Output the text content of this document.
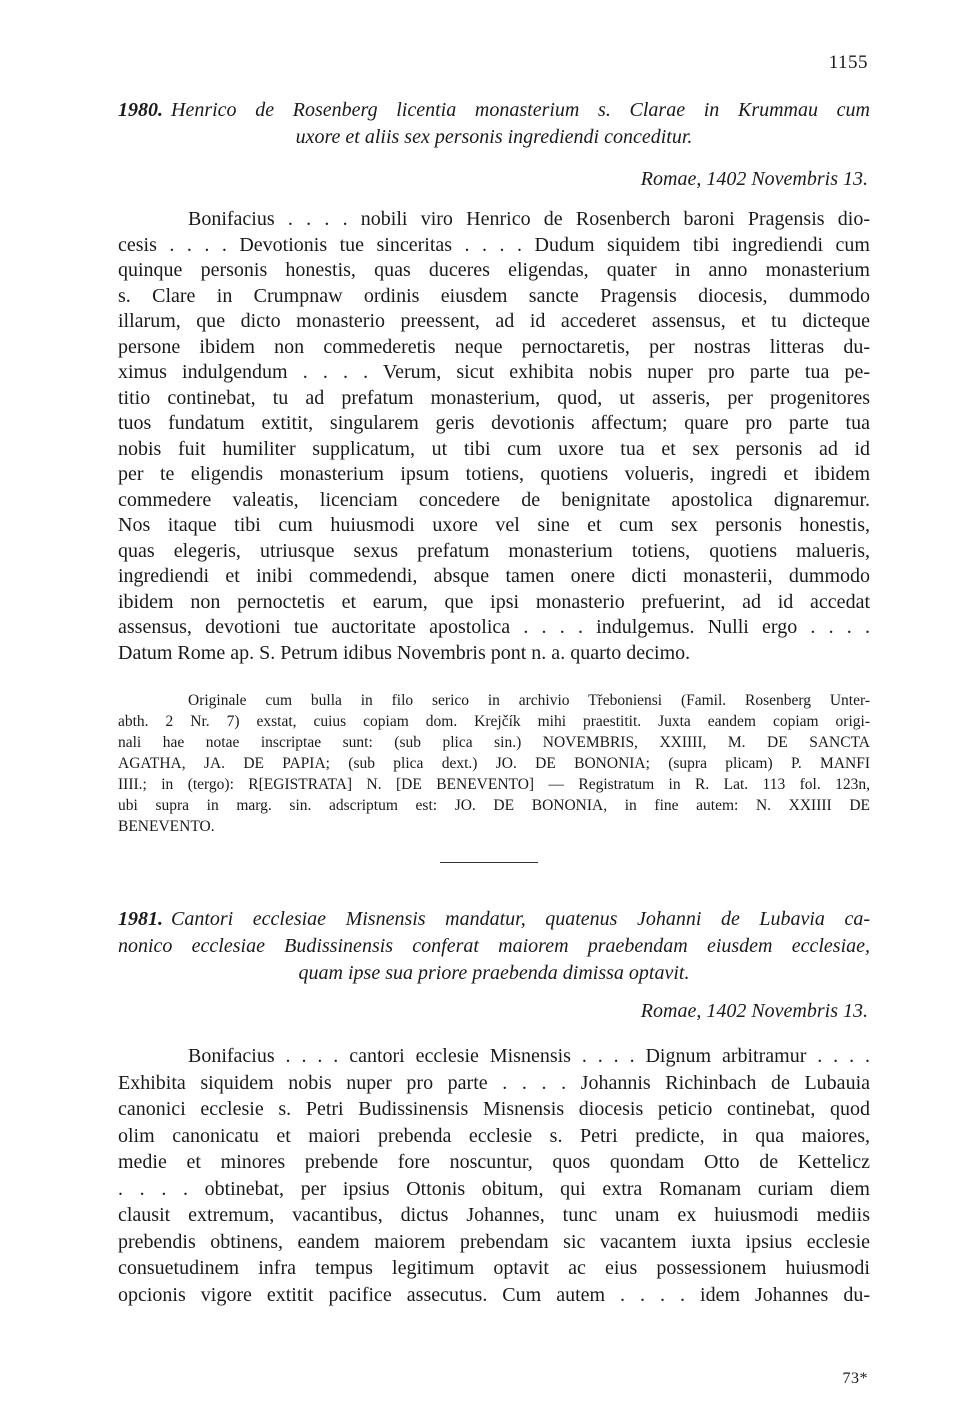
1155
1980. Henrico de Rosenberg licentia monasterium s. Clarae in Krummau cum
uxore et aliis sex personis ingrediendi conceditur.
Romae, 1402 Novembris 13.
Bonifacius . . . . nobili viro Henrico de Rosenberch baroni Pragensis dio-
cesis . . . . Devotionis tue sinceritas . . . . Dudum siquidem tibi ingrediendi cum
quinque personis honestis, quas duceres eligendas, quater in anno monasterium
s. Clare in Crumpnaw ordinis eiusdem sancte Pragensis diocesis, dummodo
illarum, que dicto monasterio preessent, ad id accederet assensus, et tu dicteque
persone ibidem non commederetis neque pernoctaretis, per nostras litteras du-
ximus indulgendum . . . . Verum, sicut exhibita nobis nuper pro parte tua pe-
titio continebat, tu ad prefatum monasterium, quod, ut asseris, per progenitores
tuos fundatum extitit, singularem geris devotionis affectum; quare pro parte tua
nobis fuit humiliter supplicatum, ut tibi cum uxore tua et sex personis ad id
per te eligendis monasterium ipsum totiens, quotiens volueris, ingredi et ibidem
commedere valeatis, licenciam concedere de benignitate apostolica dignaremur.
Nos itaque tibi cum huiusmodi uxore vel sine et cum sex personis honestis,
quas elegeris, utriusque sexus prefatum monasterium totiens, quotiens malueris,
ingrediendi et inibi commedendi, absque tamen onere dicti monasterii, dummodo
ibidem non pernoctetis et earum, que ipsi monasterio prefuerint, ad id accedat
assensus, devotioni tue auctoritate apostolica . . . . indulgemus. Nulli ergo . . . .
Datum Rome ap. S. Petrum idibus Novembris pont n. a. quarto decimo.
Originale cum bulla in filo serico in archivio Třeboniensi (Famil. Rosenberg Unter-
abth. 2 Nr. 7) exstat, cuius copiam dom. Krejčík mihi praestitit. Juxta eandem copiam origi-
nali hae notae inscriptae sunt: (sub plica sin.) NOVEMBRIS, XXIIII, M. DE SANCTA
AGATHA, JA. DE PAPIA; (sub plica dext.) JO. DE BONONIA; (supra plicam) P. MANFI
IIII.; in (tergo): R[EGISTRATA] N. [DE BENEVENTO] — Registratum in R. Lat. 113 fol. 123n,
ubi supra in marg. sin. adscriptum est: JO. DE BONONIA, in fine autem: N. XXIIII DE
BENEVENTO.
1981. Cantori ecclesiae Misnensis mandatur, quatenus Johanni de Lubavia ca-
nonico ecclesiae Budissinensis conferat maiorem praebendam eiusdem ecclesiae,
quam ipse sua priore praebenda dimissa optavit.
Romae, 1402 Novembris 13.
Bonifacius . . . . cantori ecclesie Misnensis . . . . Dignum arbitramur . . . .
Exhibita siquidem nobis nuper pro parte . . . . Johannis Richinbach de Lubauia
canonici ecclesie s. Petri Budissinensis Misnensis diocesis peticio continebat, quod
olim canonicatu et maiori prebenda ecclesie s. Petri predicte, in qua maiores,
medie et minores prebende fore noscuntur, quos quondam Otto de Kettelicz
. . . . obtinebat, per ipsius Ottonis obitum, qui extra Romanam curiam diem
clausit extremum, vacantibus, dictus Johannes, tunc unam ex huiusmodi mediis
prebendis obtinens, eandem maiorem prebendam sic vacantem iuxta ipsius ecclesie
consuetudinem infra tempus legitimum optavit ac eius possessionem huiusmodi
opcionis vigore extitit pacifice assecutus. Cum autem . . . . idem Johannes du-
73*
